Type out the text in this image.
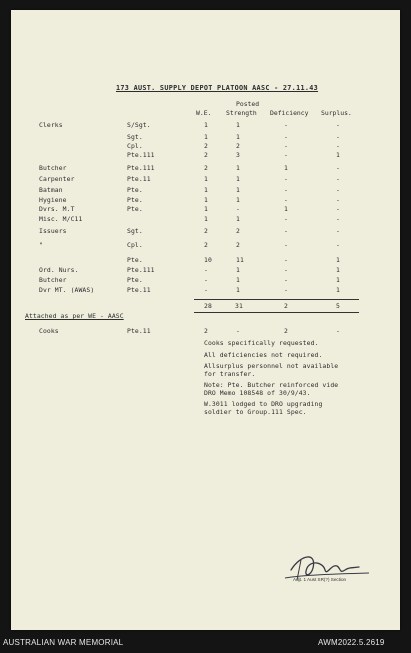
173 AUST. SUPPLY DEPOT PLATOON AASC - 27.11.43
Posted
W.E. Strength Deficiency Surplus.
Clerks	S/Sgt.	1	1	-	-
Sgt.	1	1	-	-
Cpl.	2	2	-	-
Pte.111	2	3	-	1
Butcher	Pte.111	2	1	1	-
Carpenter	Pte.11	1	1	-	-
Batman	Pte.	1	1	-	-
Hygiene	Pte.	1	1	-	-
Dvrs. M.T	Pte.	1	-	1	-
Misc. M/C11	1	1	-	-
Issuers	Sgt.	2	2	-	-
"	Cpl.	2	2	-	-
Pte.	10	11	-	1
Ord. Nurs.	Pte.111	-	1	-	1
Butcher	Pte.	-	1	-	1
Dvr MT. (AWAS)	Pte.11	-	1	-	1
28	31	2	5
Attached as per WE - AASC
Cooks	Pte.11	2	-	2	-
Cooks specifically requested.
All deficiencies not required.
Allsurplus personnel not available
for transfer.
Note: Pte. Butcher reinforced vide
DRO Memo 108548 of 30/9/43.
W.3011 lodged to DRO upgrading
soldier to Group.111 Spec.
Adjt. 1 Aust SR(?) Section
AUSTRALIAN WAR MEMORIAL	AWM2022.5.2619
